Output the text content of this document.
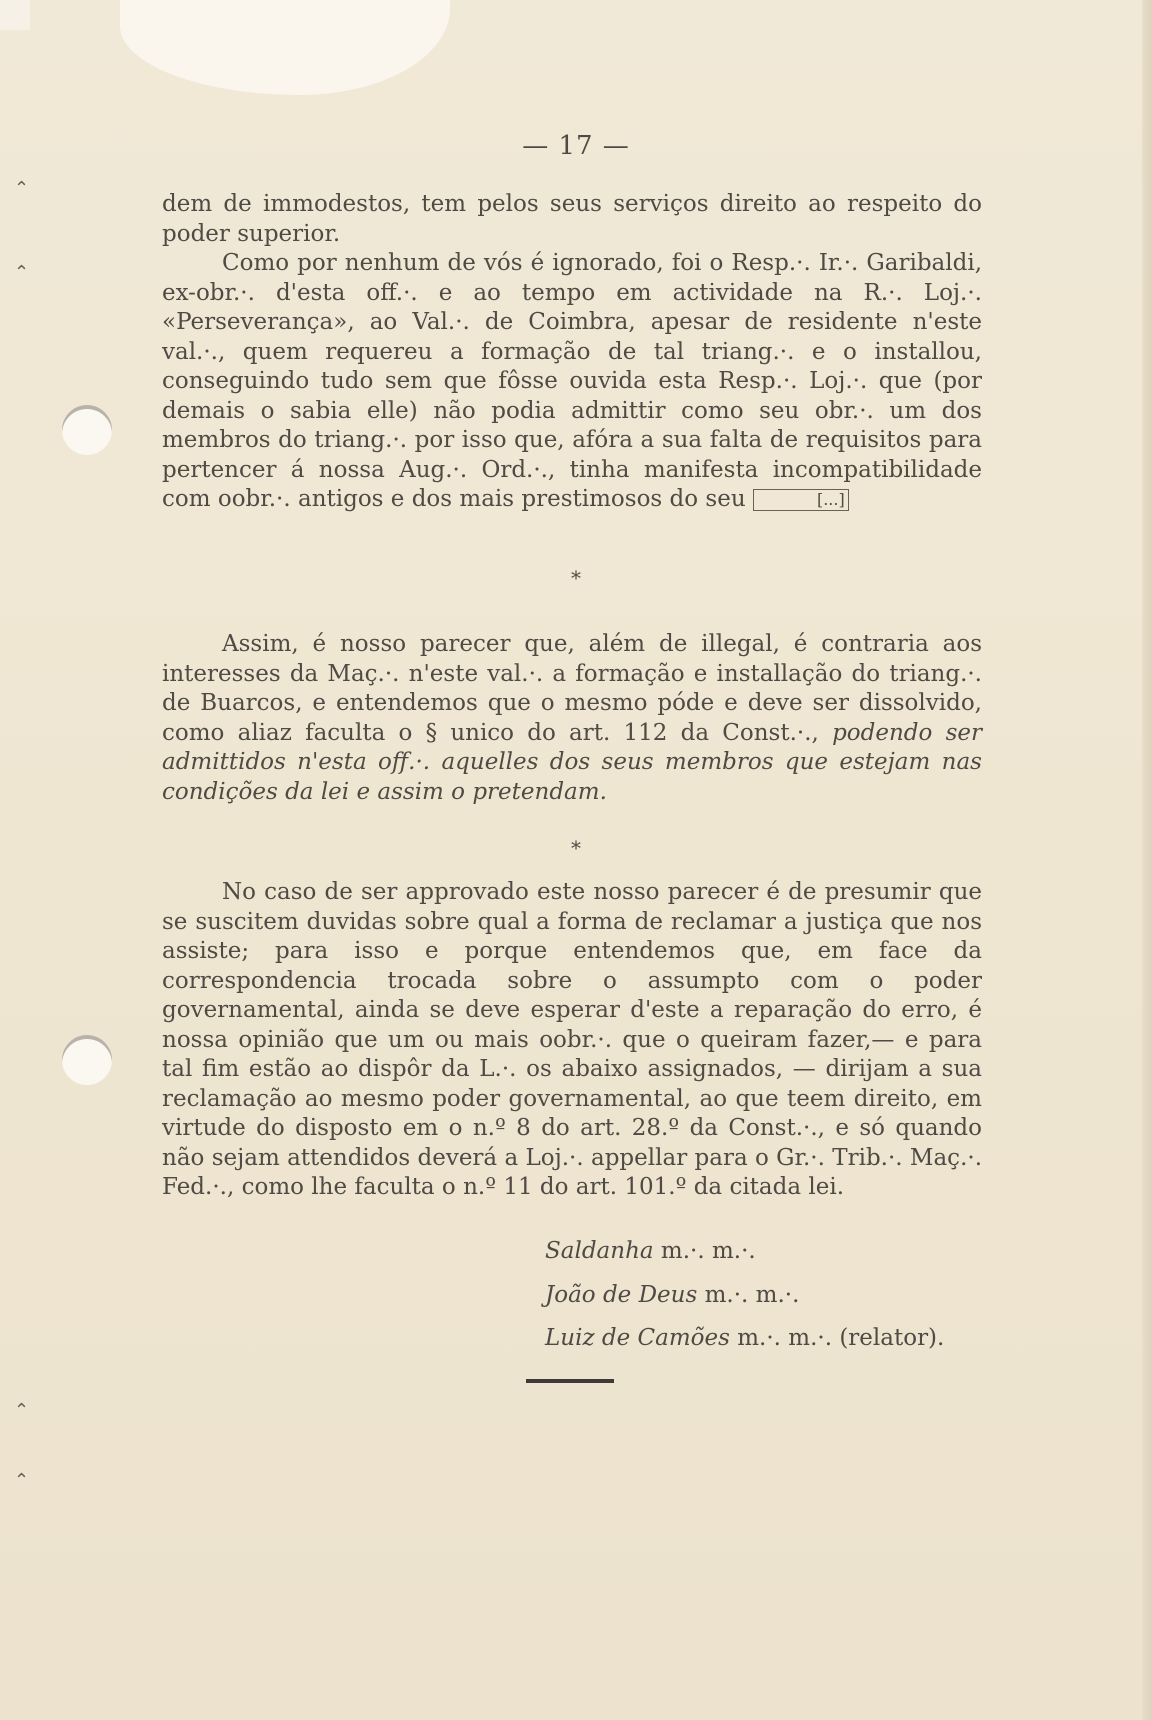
⌃
⌃
⌃
⌃
— 17 —

dem de immodestos, tem pelos seus serviços direito ao respeito do poder superior.

Como por nenhum de vós é ignorado, foi o Resp.·. Ir.·. Garibaldi, ex-obr.·. d'esta off.·. e ao tempo em actividade na R.·. Loj.·. «Perseverança», ao Val.·. de Coimbra, apesar de residente n'este val.·., quem requereu a formação de tal triang.·. e o installou, conseguindo tudo sem que fôsse ouvida esta Resp.·. Loj.·. que (por demais o sabia elle) não podia admittir como seu obr.·. um dos membros do triang.·. por isso que, afóra a sua falta de requisitos para pertencer á nossa Aug.·. Ord.·., tinha manifesta incompatibilidade com oobr.·. antigos e dos mais prestimosos do seu	[...]

*

Assim, é nosso parecer que, além de illegal, é contraria aos interesses da Maç.·. n'este val.·. a formação e installação do triang.·. de Buarcos, e entendemos que o mesmo póde e deve ser dissolvido, como aliaz faculta o § unico do art. 112 da Const.·., podendo ser admittidos n'esta off.·. aquelles dos seus membros que estejam nas condições da lei e assim o pretendam.

*

No caso de ser approvado este nosso parecer é de presumir que se suscitem duvidas sobre qual a forma de reclamar a justiça que nos assiste; para isso e porque entendemos que, em face da correspondencia trocada sobre o assumpto com o poder governamental, ainda se deve esperar d'este a reparação do erro, é nossa opinião que um ou mais oobr.·. que o queiram fazer,— e para tal fim estão ao dispôr da L.·. os abaixo assignados, — dirijam a sua reclamação ao mesmo poder governamental, ao que teem direito, em virtude do disposto em o n.º 8 do art. 28.º da Const.·., e só quando não sejam attendidos deverá a Loj.·. appellar para o Gr.·. Trib.·. Maç.·. Fed.·., como lhe faculta o n.º 11 do art. 101.º da citada lei.

Saldanha m.·. m.·.
João de Deus m.·. m.·.
Luiz de Camões m.·. m.·. (relator).
